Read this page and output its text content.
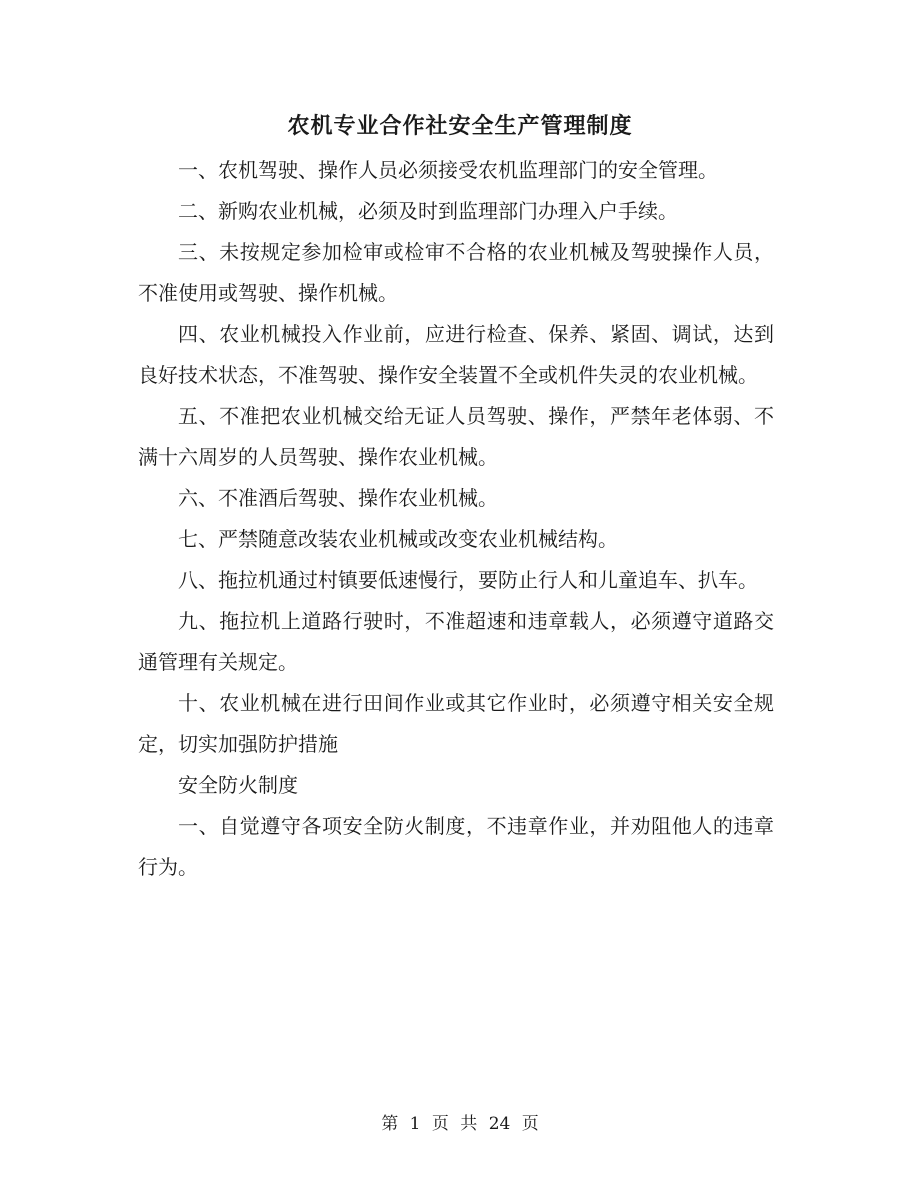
农机专业合作社安全生产管理制度

一、农机驾驶、操作人员必须接受农机监理部门的安全管理。

二、新购农业机械，必须及时到监理部门办理入户手续。

三、未按规定参加检审或检审不合格的农业机械及驾驶操作人员，不准使用或驾驶、操作机械。

四、农业机械投入作业前，应进行检查、保养、紧固、调试，达到良好技术状态，不准驾驶、操作安全装置不全或机件失灵的农业机械。

五、不准把农业机械交给无证人员驾驶、操作，严禁年老体弱、不满十六周岁的人员驾驶、操作农业机械。

六、不准酒后驾驶、操作农业机械。

七、严禁随意改装农业机械或改变农业机械结构。

八、拖拉机通过村镇要低速慢行，要防止行人和儿童追车、扒车。

九、拖拉机上道路行驶时，不准超速和违章载人，必须遵守道路交通管理有关规定。

十、农业机械在进行田间作业或其它作业时，必须遵守相关安全规定，切实加强防护措施

安全防火制度

一、自觉遵守各项安全防火制度，不违章作业，并劝阻他人的违章行为。

第 1 页 共 24 页
